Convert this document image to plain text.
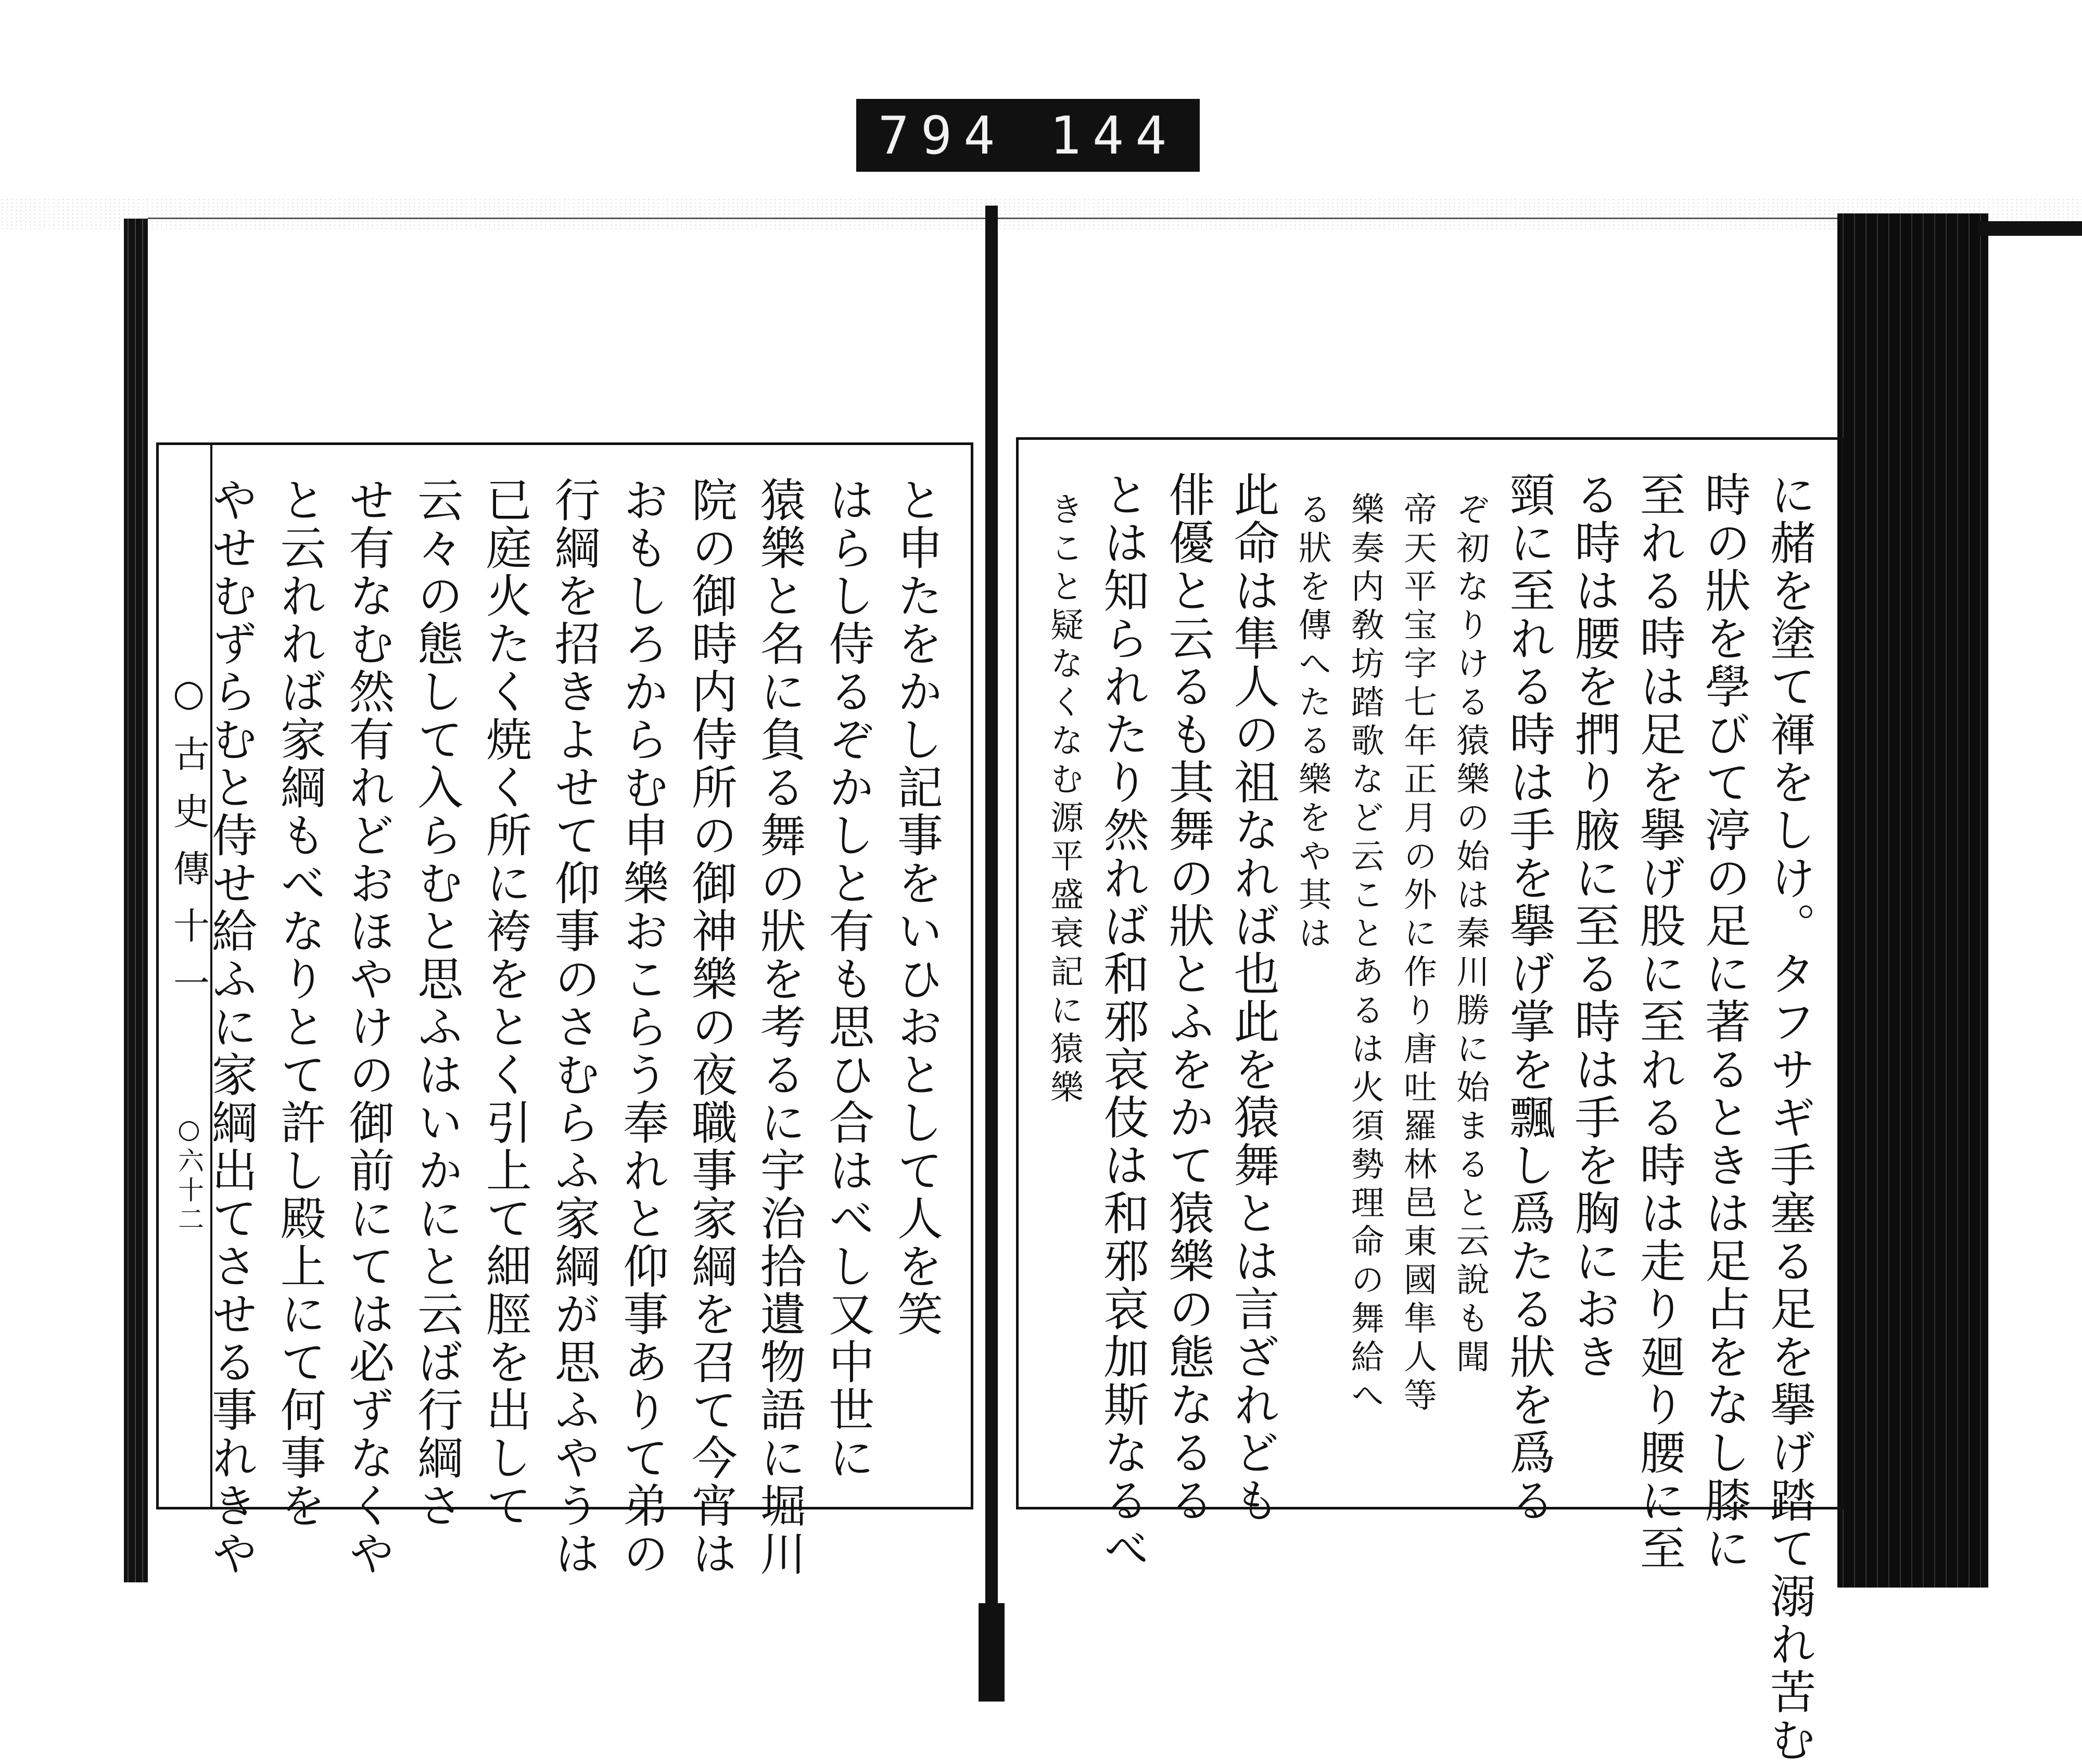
794 144
と申たをかし記事をいひおとして人を笑
はらし侍るぞかしと有も思ひ合はべし又中世に
猿樂と名に負る舞の狀を考るに宇治拾遺物語に堀川
院の御時内侍所の御神樂の夜職事家綱を召て今宵は
おもしろからむ申樂おこらう奉れと仰事ありて弟の
行綱を招きよせて仰事のさむらふ家綱が思ふやうは
已庭火たく焼く所に袴をとく引上て細脛を出して
云々の態して入らむと思ふはいかにと云ば行綱さ
せ有なむ然有れどおほやけの御前にては必ずなくや
と云れれば家綱もべなりとて許し殿上にて何事を
やせむずらむと侍せ給ふに家綱出てさせる事れきや
○古史傳十一
○六十二	に赭を塗て褌をしけ。タフサギ手塞る足を擧げ踏て溺れ苦む
時の狀を學びて渟の足に著るときは足占をなし膝に
至れる時は足を擧げ股に至れる時は走り廻り腰に至
る時は腰を捫り腋に至る時は手を胸におき
頸に至れる時は手を擧げ掌を飄し爲たる狀を爲る
ぞ初なりける猿樂の始は秦川勝に始まると云說も聞
帝天平宝字七年正月の外に作り唐吐羅林邑東國隼人等
樂奏内敎坊踏歌など云ことあるは火須勢理命の舞給へ
る狀を傳へたる樂をや其は
此命は隼人の祖なれば也此を猿舞とは言ざれども
俳優と云るも其舞の狀とふをかて猿樂の態なるる
とは知られたり然れば和邪哀伎は和邪哀加斯なるべ
きこと疑なくなむ源平盛衰記に猿樂
